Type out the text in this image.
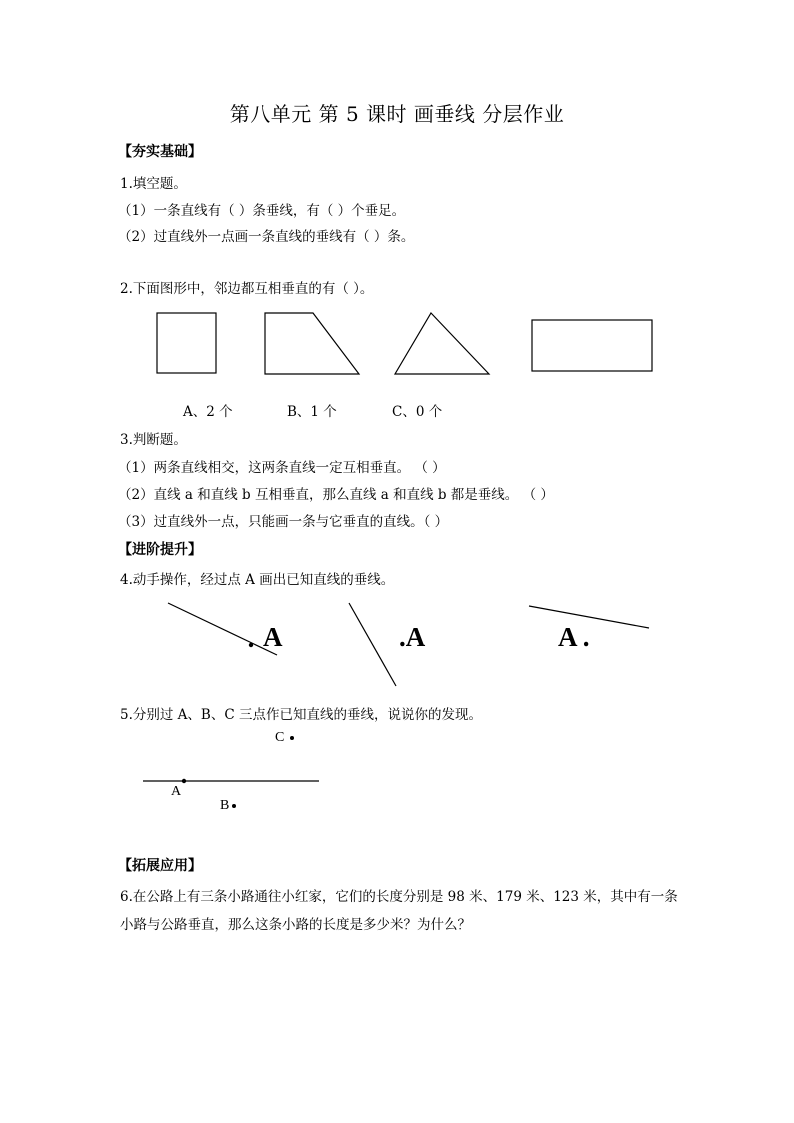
第八单元 第 5 课时 画垂线 分层作业
【夯实基础】
1.填空题。
（1）一条直线有（ ）条垂线，有（ ）个垂足。
（2）过直线外一点画一条直线的垂线有（ ）条。
2.下面图形中，邻边都互相垂直的有（ ）。
A、2 个	B、1 个	C、0 个
3.判断题。
（1）两条直线相交，这两条直线一定互相垂直。 （ ）
（2）直线 a 和直线 b 互相垂直，那么直线 a 和直线 b 都是垂线。 （ ）
（3）过直线外一点，只能画一条与它垂直的直线。（ ）
【进阶提升】
4.动手操作，经过点 A 画出已知直线的垂线。
A	.A	A .
5.分别过 A、B、C 三点作已知直线的垂线，说说你的发现。
C
A
B
【拓展应用】
6.在公路上有三条小路通往小红家，它们的长度分别是 98 米、179 米、123 米，其中有一条
小路与公路垂直，那么这条小路的长度是多少米？为什么？
